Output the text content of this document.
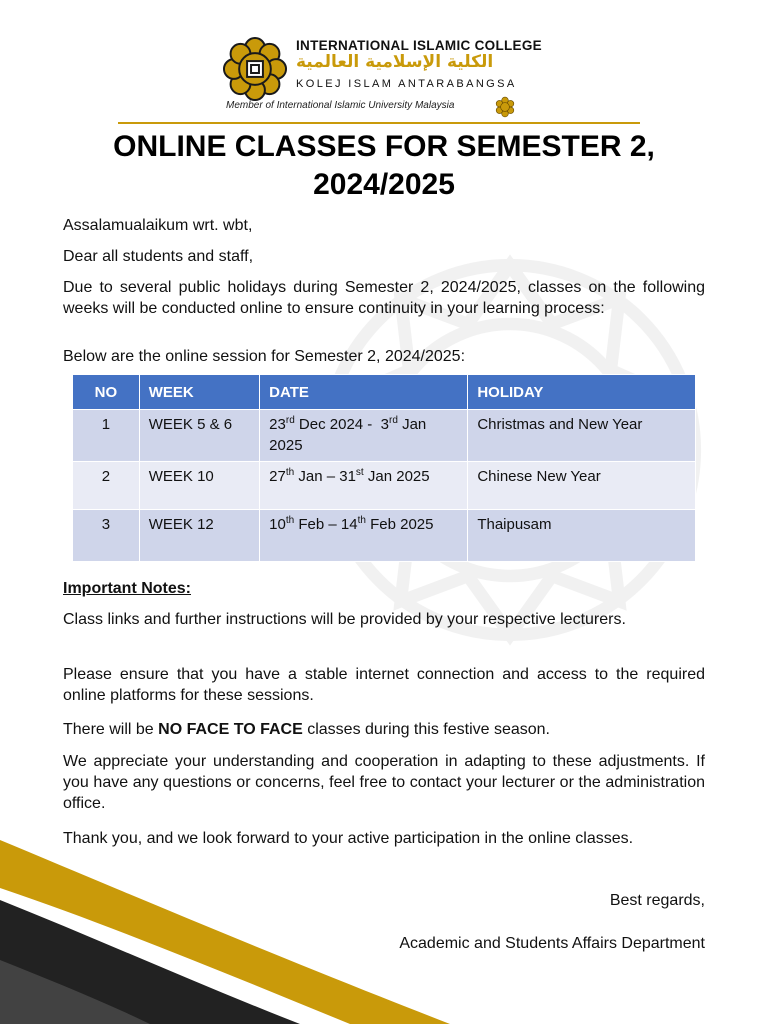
INTERNATIONAL ISLAMIC COLLEGE
الكلية الإسلامية العالمية
KOLEJ ISLAM ANTARABANGSA
Member of International Islamic University Malaysia
ONLINE CLASSES FOR SEMESTER 2, 2024/2025
Assalamualaikum wrt. wbt,
Dear all students and staff,
Due to several public holidays during Semester 2, 2024/2025, classes on the following weeks will be conducted online to ensure continuity in your learning process:
Below are the online session for Semester 2, 2024/2025:
NO	WEEK	DATE	HOLIDAY
1	WEEK 5 & 6	23rd Dec 2024 -  3rd Jan 2025	Christmas and New Year
2	WEEK 10	27th Jan – 31st Jan 2025	Chinese New Year
3	WEEK 12	10th Feb – 14th Feb 2025	Thaipusam
Important Notes:
Class links and further instructions will be provided by your respective lecturers.
Please ensure that you have a stable internet connection and access to the required online platforms for these sessions.
There will be NO FACE TO FACE classes during this festive season.
We appreciate your understanding and cooperation in adapting to these adjustments. If you have any questions or concerns, feel free to contact your lecturer or the administration office.
Thank you, and we look forward to your active participation in the online classes.
Best regards,
Academic and Students Affairs Department
